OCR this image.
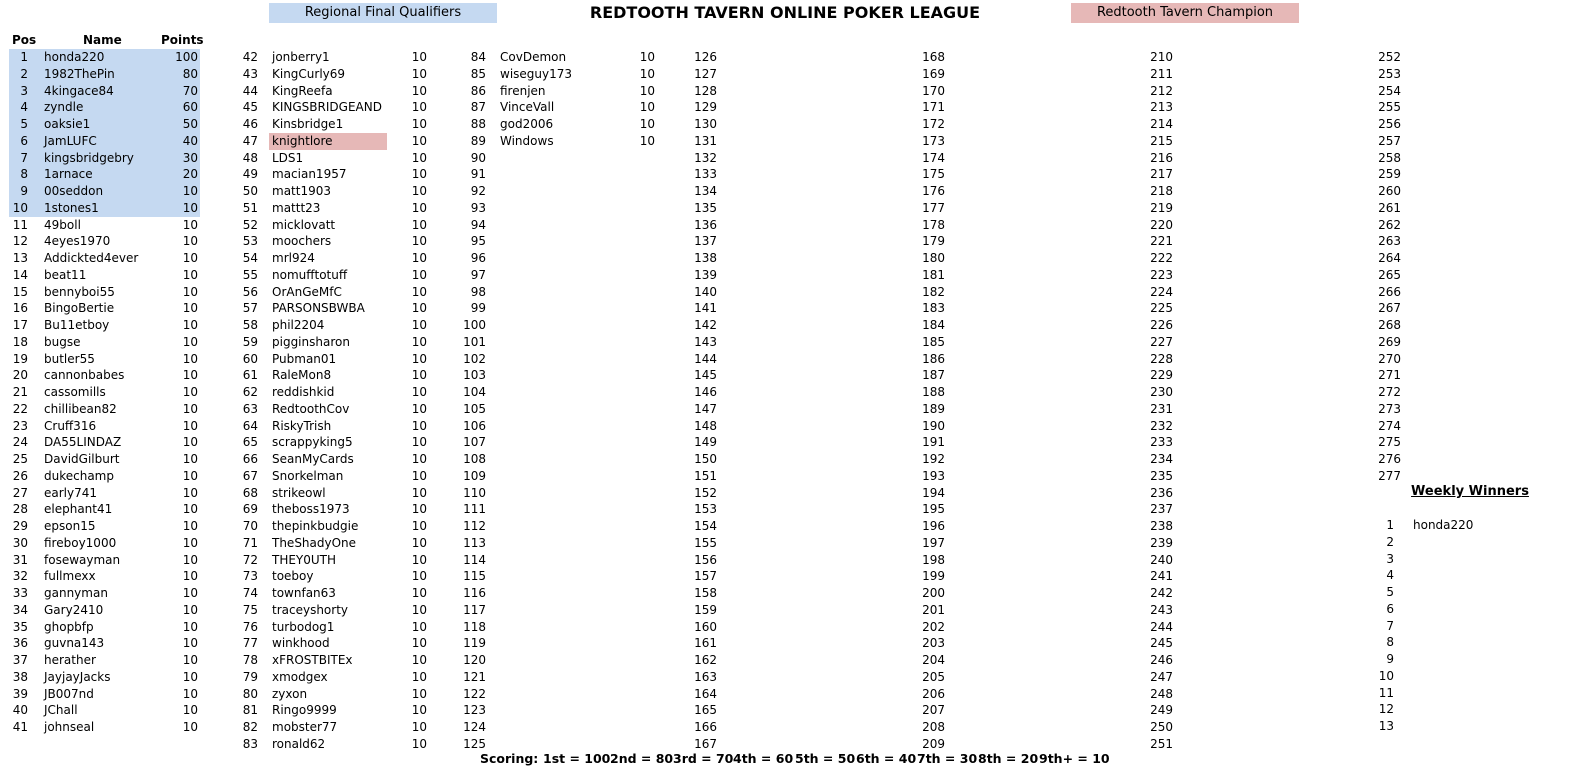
Regional Final Qualifiers	REDTOOTH TAVERN ONLINE POKER LEAGUE	Redtooth Tavern Champion
Pos	Name	Points
1 honda220	100
2 1982ThePin	80
3 4kingace84	70
4 zyndle	60
5 oaksie1	50
6 JamLUFC	40
7 kingsbridgebry	30
8 1arnace	20
9 00seddon	10
10 1stones1	10
11 49boll	10
12 4eyes1970	10
13 Addickted4ever	10
14 beat11	10
15 bennyboi55	10
16 BingoBertie	10
17 Bu11etboy	10
18 bugse	10
19 butler55	10
20 cannonbabes	10
21 cassomills	10
22 chillibean82	10
23 Cruff316	10
24 DA55LINDAZ	10
25 DavidGilburt	10
26 dukechamp	10
27 early741	10
28 elephant41	10
29 epson15	10
30 fireboy1000	10
31 fosewayman	10
32 fullmexx	10
33 gannyman	10
34 Gary2410	10
35 ghopbfp	10
36 guvna143	10
37 herather	10
38 JayjayJacks	10
39 JB007nd	10
40 JChall	10
41 johnseal	10
42 jonberry1	10
43 KingCurly69	10
44 KingReefa	10
45 KINGSBRIDGEAND	10
46 Kinsbridge1	10
47 knightlore	10
48 LDS1	10
49 macian1957	10
50 matt1903	10
51 mattt23	10
52 micklovatt	10
53 moochers	10
54 mrl924	10
55 nomufftotuff	10
56 OrAnGeMfC	10
57 PARSONSBWBA	10
58 phil2204	10
59 pigginsharon	10
60 Pubman01	10
61 RaleMon8	10
62 reddishkid	10
63 RedtoothCov	10
64 RiskyTrish	10
65 scrappyking5	10
66 SeanMyCards	10
67 Snorkelman	10
68 strikeowl	10
69 theboss1973	10
70 thepinkbudgie	10
71 TheShadyOne	10
72 THEY0UTH	10
73 toeboy	10
74 townfan63	10
75 traceyshorty	10
76 turbodog1	10
77 winkhood	10
78 xFROSTBITEx	10
79 xmodgex	10
80 zyxon	10
81 Ringo9999	10
82 mobster77	10
83 ronald62	10
84 CovDemon	10
85 wiseguy173	10
86 firenjen	10
87 VinceVall	10
88 god2006	10
89 Windows	10
90
91
92
93
94
95
96
97
98
99
100
101
102
103
104
105
106
107
108
109
110
111
112
113
114
115
116
117
118
119
120
121
122
123
124
125
126
127
128
129
130
131
132
133
134
135
136
137
138
139
140
141
142
143
144
145
146
147
148
149
150
151
152
153
154
155
156
157
158
159
160
161
162
163
164
165
166
167
168
169
170
171
172
173
174
175
176
177
178
179
180
181
182
183
184
185
186
187
188
189
190
191
192
193
194
195
196
197
198
199
200
201
202
203
204
205
206
207
208
209
210
211
212
213
214
215
216
217
218
219
220
221
222
223
224
225
226
227
228
229
230
231
232
233
234
235
236
237
238
239
240
241
242
243
244
245
246
247
248
249
250
251
252
253
254
255
256
257
258
259
260
261
262
263
264
265
266
267
268
269
270
271
272
273
274
275
276
277
Weekly Winners
1 honda220
2
3
4
5
6
7
8
9
10
11
12
13
Scoring: 1st = 100 2nd = 80 3rd = 70 4th = 60 5th = 50 6th = 40 7th = 30 8th = 20 9th+ = 10
